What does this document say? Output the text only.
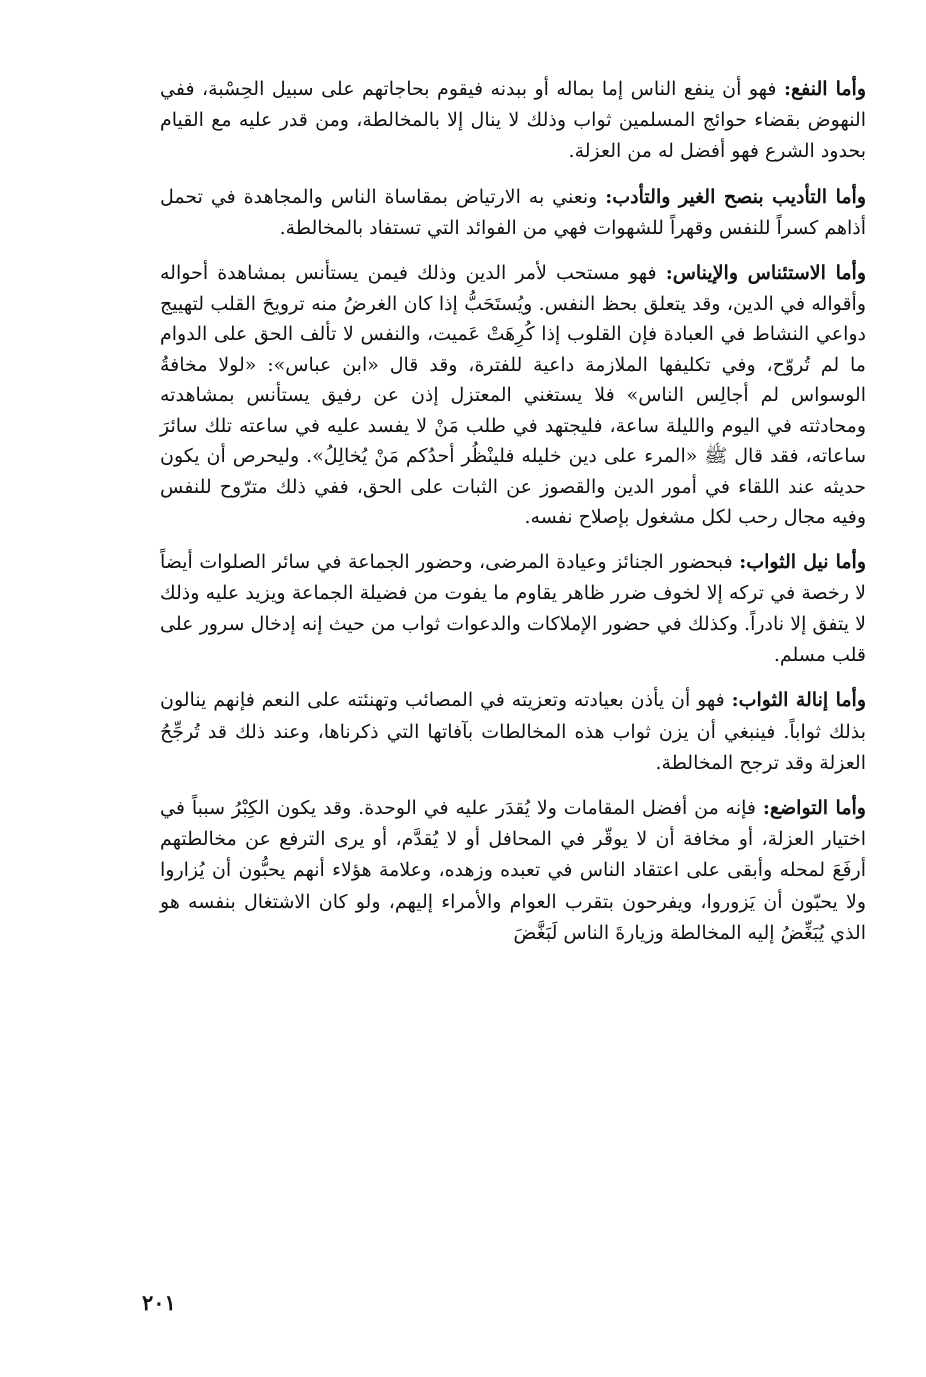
وأما النفع: فهو أن ينفع الناس إما بماله أو ببدنه فيقوم بحاجاتهم على سبيل الحِسْبة، ففي النهوض بقضاء حوائج المسلمين ثواب وذلك لا ينال إلا بالمخالطة، ومن قدر عليه مع القيام بحدود الشرع فهو أفضل له من العزلة.

وأما التأديب بنصح الغير والتأدب: ونعني به الارتياض بمقاساة الناس والمجاهدة في تحمل أذاهم كسراً للنفس وقهراً للشهوات فهي من الفوائد التي تستفاد بالمخالطة.

وأما الاستئناس والإيناس: فهو مستحب لأمر الدين وذلك فيمن يستأنس بمشاهدة أحواله وأقواله في الدين، وقد يتعلق بحظ النفس. ويُستَحَبُّ إذا كان الغرضُ منه ترويحَ القلب لتهييج دواعي النشاط في العبادة فإن القلوب إذا كُرِهَتْ عَميت، والنفس لا تألف الحق على الدوام ما لم تُروّح، وفي تكليفها الملازمة داعية للفترة، وقد قال «ابن عباس»: «لولا مخافةُ الوسواس لم أجالِس الناس» فلا يستغني المعتزل إذن عن رفيق يستأنس بمشاهدته ومحادثته في اليوم والليلة ساعة، فليجتهد في طلب مَنْ لا يفسد عليه في ساعته تلك سائرَ ساعاته، فقد قال ﷺ «المرء على دين خليله فلينْظُر أحدُكم مَنْ يُخالِلُ». وليحرص أن يكون حديثه عند اللقاء في أمور الدين والقصوز عن الثبات على الحق، ففي ذلك مترّوح للنفس وفيه مجال رحب لكل مشغول بإصلاح نفسه.

وأما نيل الثواب: فبحضور الجنائز وعيادة المرضى، وحضور الجماعة في سائر الصلوات أيضاً لا رخصة في تركه إلا لخوف ضرر ظاهر يقاوم ما يفوت من فضيلة الجماعة ويزيد عليه وذلك لا يتفق إلا نادراً. وكذلك في حضور الإملاكات والدعوات ثواب من حيث إنه إدخال سرور على قلب مسلم.

وأما إنالة الثواب: فهو أن يأذن بعيادته وتعزيته في المصائب وتهنئته على النعم فإنهم ينالون بذلك ثواباً. فينبغي أن يزن ثواب هذه المخالطات بآفاتها التي ذكرناها، وعند ذلك قد تُرجِّحُ العزلة وقد ترجح المخالطة.

وأما التواضع: فإنه من أفضل المقامات ولا يُقدَر عليه في الوحدة. وقد يكون الكِبْرُ سبباً في اختيار العزلة، أو مخافة أن لا يوقّر في المحافل أو لا يُقدَّم، أو يرى الترفع عن مخالطتهم أرفَعَ لمحله وأبقى على اعتقاد الناس في تعبده وزهده، وعلامة هؤلاء أنهم يحبُّون أن يُزاروا ولا يحبّون أن يَزوروا، ويفرحون بتقرب العوام والأمراء إليهم، ولو كان الاشتغال بنفسه هو الذي يُبَغِّضُ إليه المخالطة وزيارةَ الناس لَبَغَّضَ

٢٠١
